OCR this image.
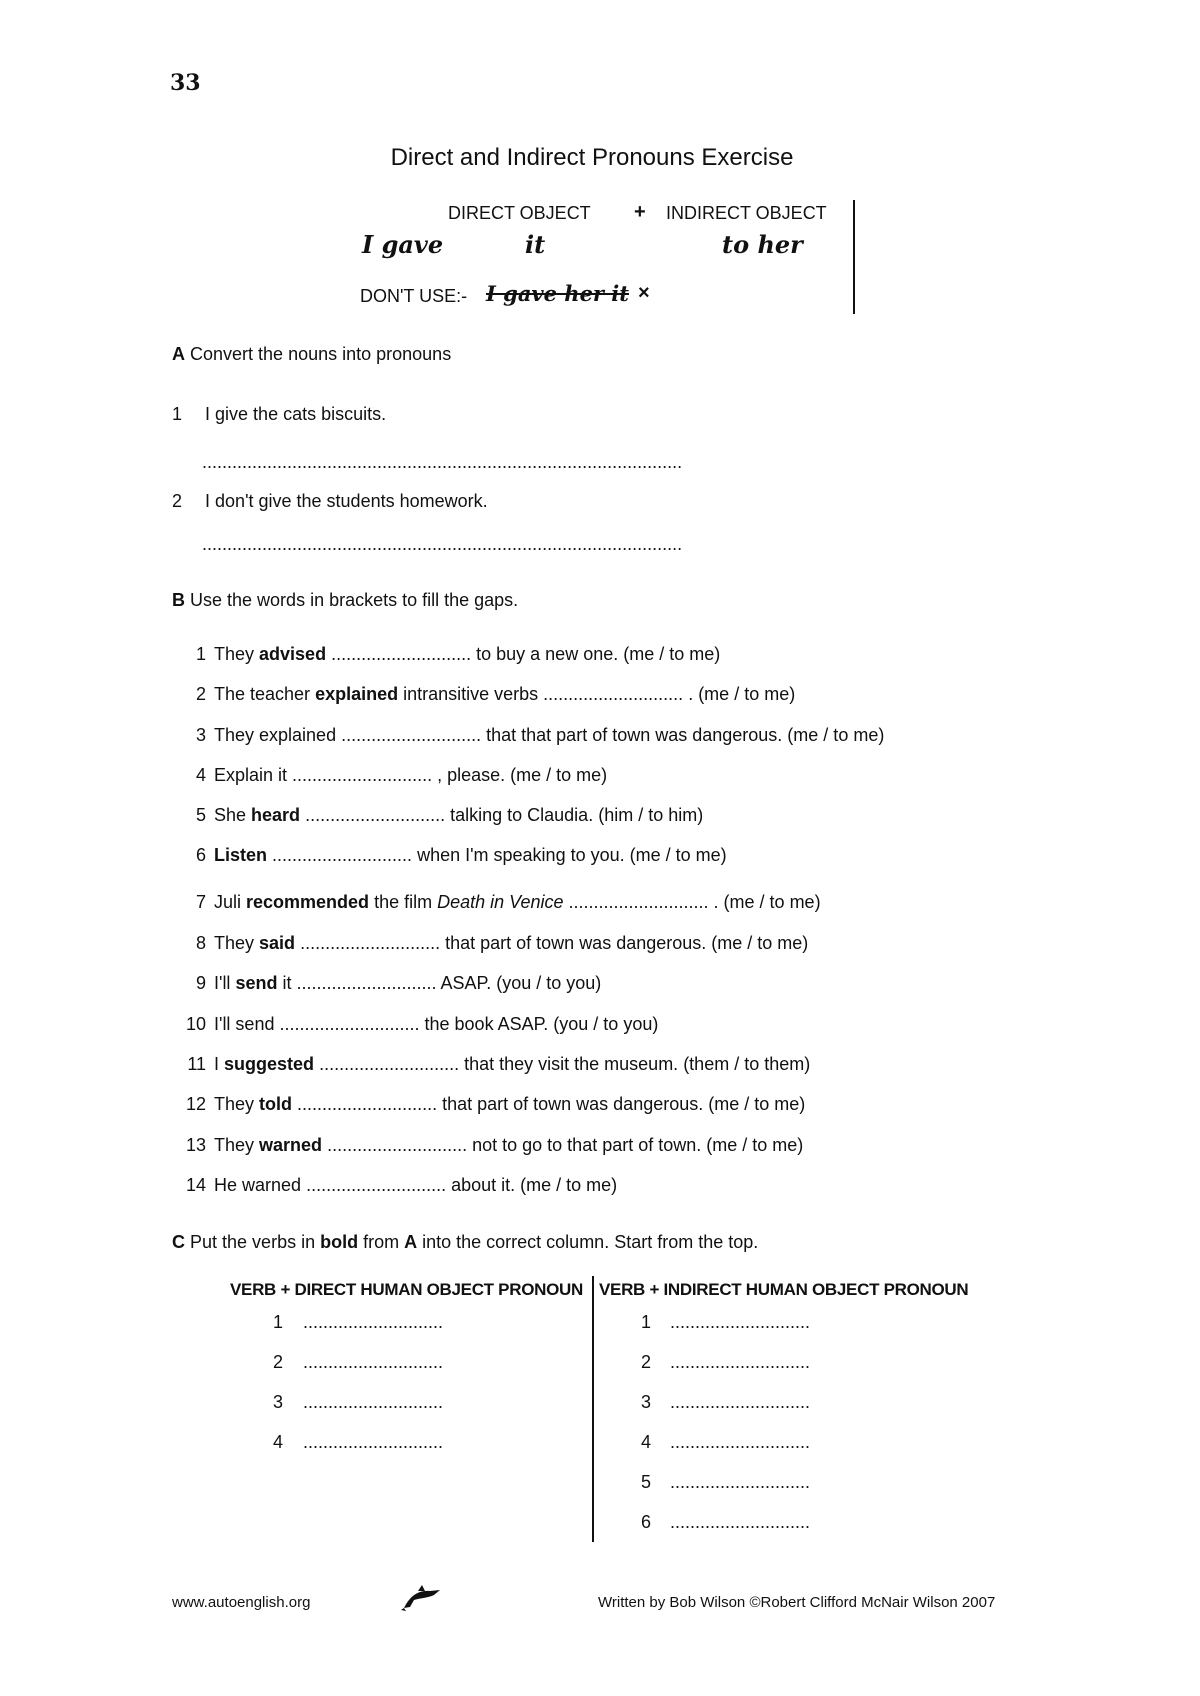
33
Direct and Indirect Pronouns Exercise
DIRECT OBJECT + INDIRECT OBJECT
I gave	it	to her
DON'T USE:- I gave her it ×
A Convert the nouns into pronouns
1 I give the cats biscuits.
................................................................................................
2 I don't give the students homework.
................................................................................................
B Use the words in brackets to fill the gaps.
1 They advised ............................ to buy a new one. (me / to me)
2 The teacher explained intransitive verbs ............................ . (me / to me)
3 They explained ............................ that that part of town was dangerous. (me / to me)
4 Explain it ............................ , please. (me / to me)
5 She heard ............................ talking to Claudia. (him / to him)
6 Listen ............................ when I'm speaking to you. (me / to me)
8 They said ............................ that part of town was dangerous. (me / to me)
9 I'll send it ............................ ASAP. (you / to you)
10 I'll send ............................ the book ASAP. (you / to you)
11 I suggested ............................ that they visit the museum. (them / to them)
12 They told ............................ that part of town was dangerous. (me / to me)
13 They warned ............................ not to go to that part of town. (me / to me)
14 He warned ............................ about it. (me / to me)
7 Juli recommended the film Death in Venice ............................ . (me / to me)
C Put the verbs in bold from A into the correct column. Start from the top.
VERB + DIRECT HUMAN OBJECT PRONOUN VERB + INDIRECT HUMAN OBJECT PRONOUN
1 ............................
2 ............................
3 ............................
4 ............................
1 ............................
2 ............................
3 ............................
4 ............................
5 ............................
6 ............................
www.autoenglish.org	Written by Bob Wilson ©Robert Clifford McNair Wilson 2007
